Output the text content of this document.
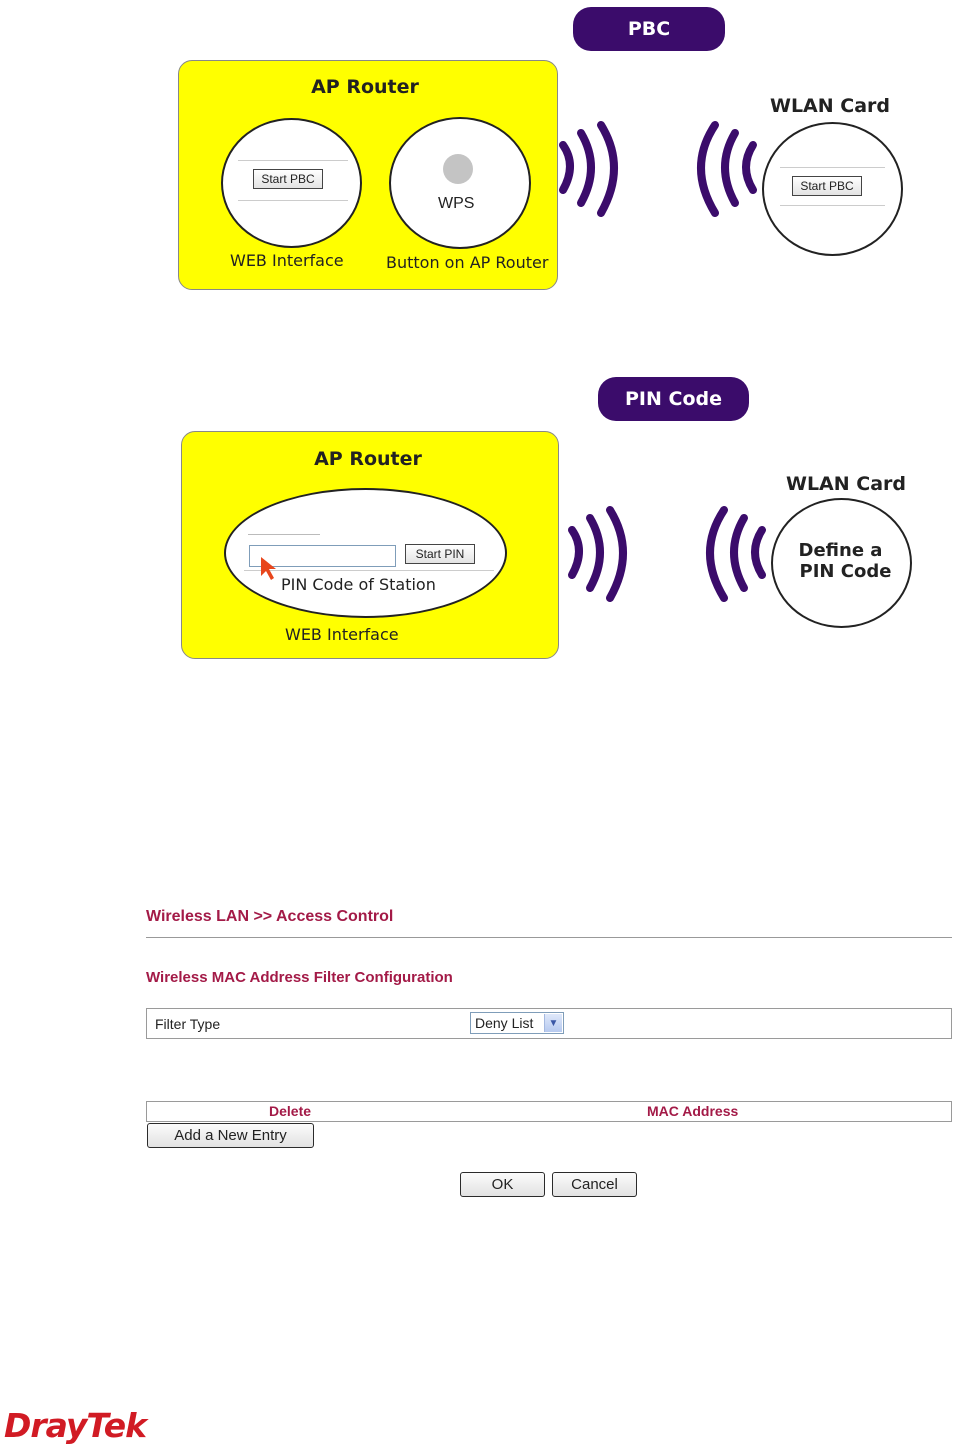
PBC
AP Router
Start PBC
WEB Interface
WPS
Button on AP Router
WLAN Card
Start PBC
PIN Code
AP Router
Start PIN
PIN Code of Station
WEB Interface
WLAN Card
Define a
PIN Code
Wireless LAN >> Access Control
Wireless MAC Address Filter Configuration
Filter Type	Deny List	▼
Delete	MAC Address
Add a New Entry
OK	Cancel
DrayTek
